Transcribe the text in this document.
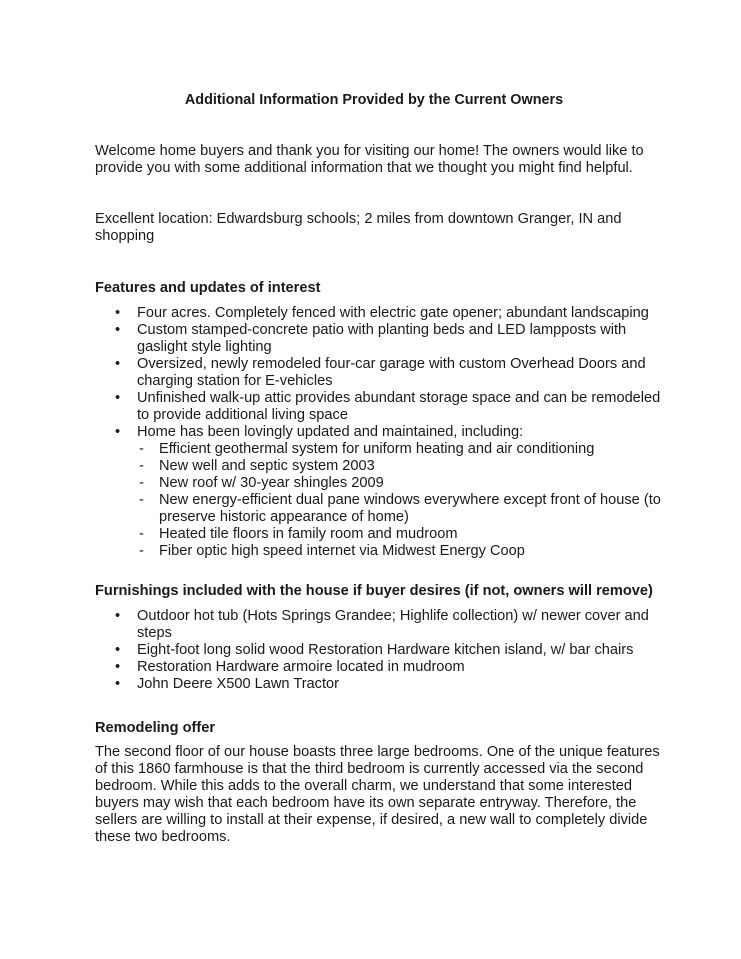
Additional Information Provided by the Current Owners

Welcome home buyers and thank you for visiting our home! The owners would like to provide you with some additional information that we thought you might find helpful.

Excellent location: Edwardsburg schools; 2 miles from downtown Granger, IN and shopping

Features and updates of interest
• Four acres. Completely fenced with electric gate opener; abundant landscaping
• Custom stamped-concrete patio with planting beds and LED lampposts with gaslight style lighting
• Oversized, newly remodeled four-car garage with custom Overhead Doors and charging station for E-vehicles
• Unfinished walk-up attic provides abundant storage space and can be remodeled to provide additional living space
• Home has been lovingly updated and maintained, including:
- Efficient geothermal system for uniform heating and air conditioning
- New well and septic system 2003
- New roof w/ 30-year shingles 2009
- New energy-efficient dual pane windows everywhere except front of house (to preserve historic appearance of home)
- Heated tile floors in family room and mudroom
- Fiber optic high speed internet via Midwest Energy Coop
Furnishings included with the house if buyer desires (if not, owners will remove)
• Outdoor hot tub (Hots Springs Grandee; Highlife collection) w/ newer cover and steps
• Eight-foot long solid wood Restoration Hardware kitchen island, w/ bar chairs
• Restoration Hardware armoire located in mudroom
• John Deere X500 Lawn Tractor
Remodeling offer

The second floor of our house boasts three large bedrooms. One of the unique features of this 1860 farmhouse is that the third bedroom is currently accessed via the second bedroom. While this adds to the overall charm, we understand that some interested buyers may wish that each bedroom have its own separate entryway. Therefore, the sellers are willing to install at their expense, if desired, a new wall to completely divide these two bedrooms.
